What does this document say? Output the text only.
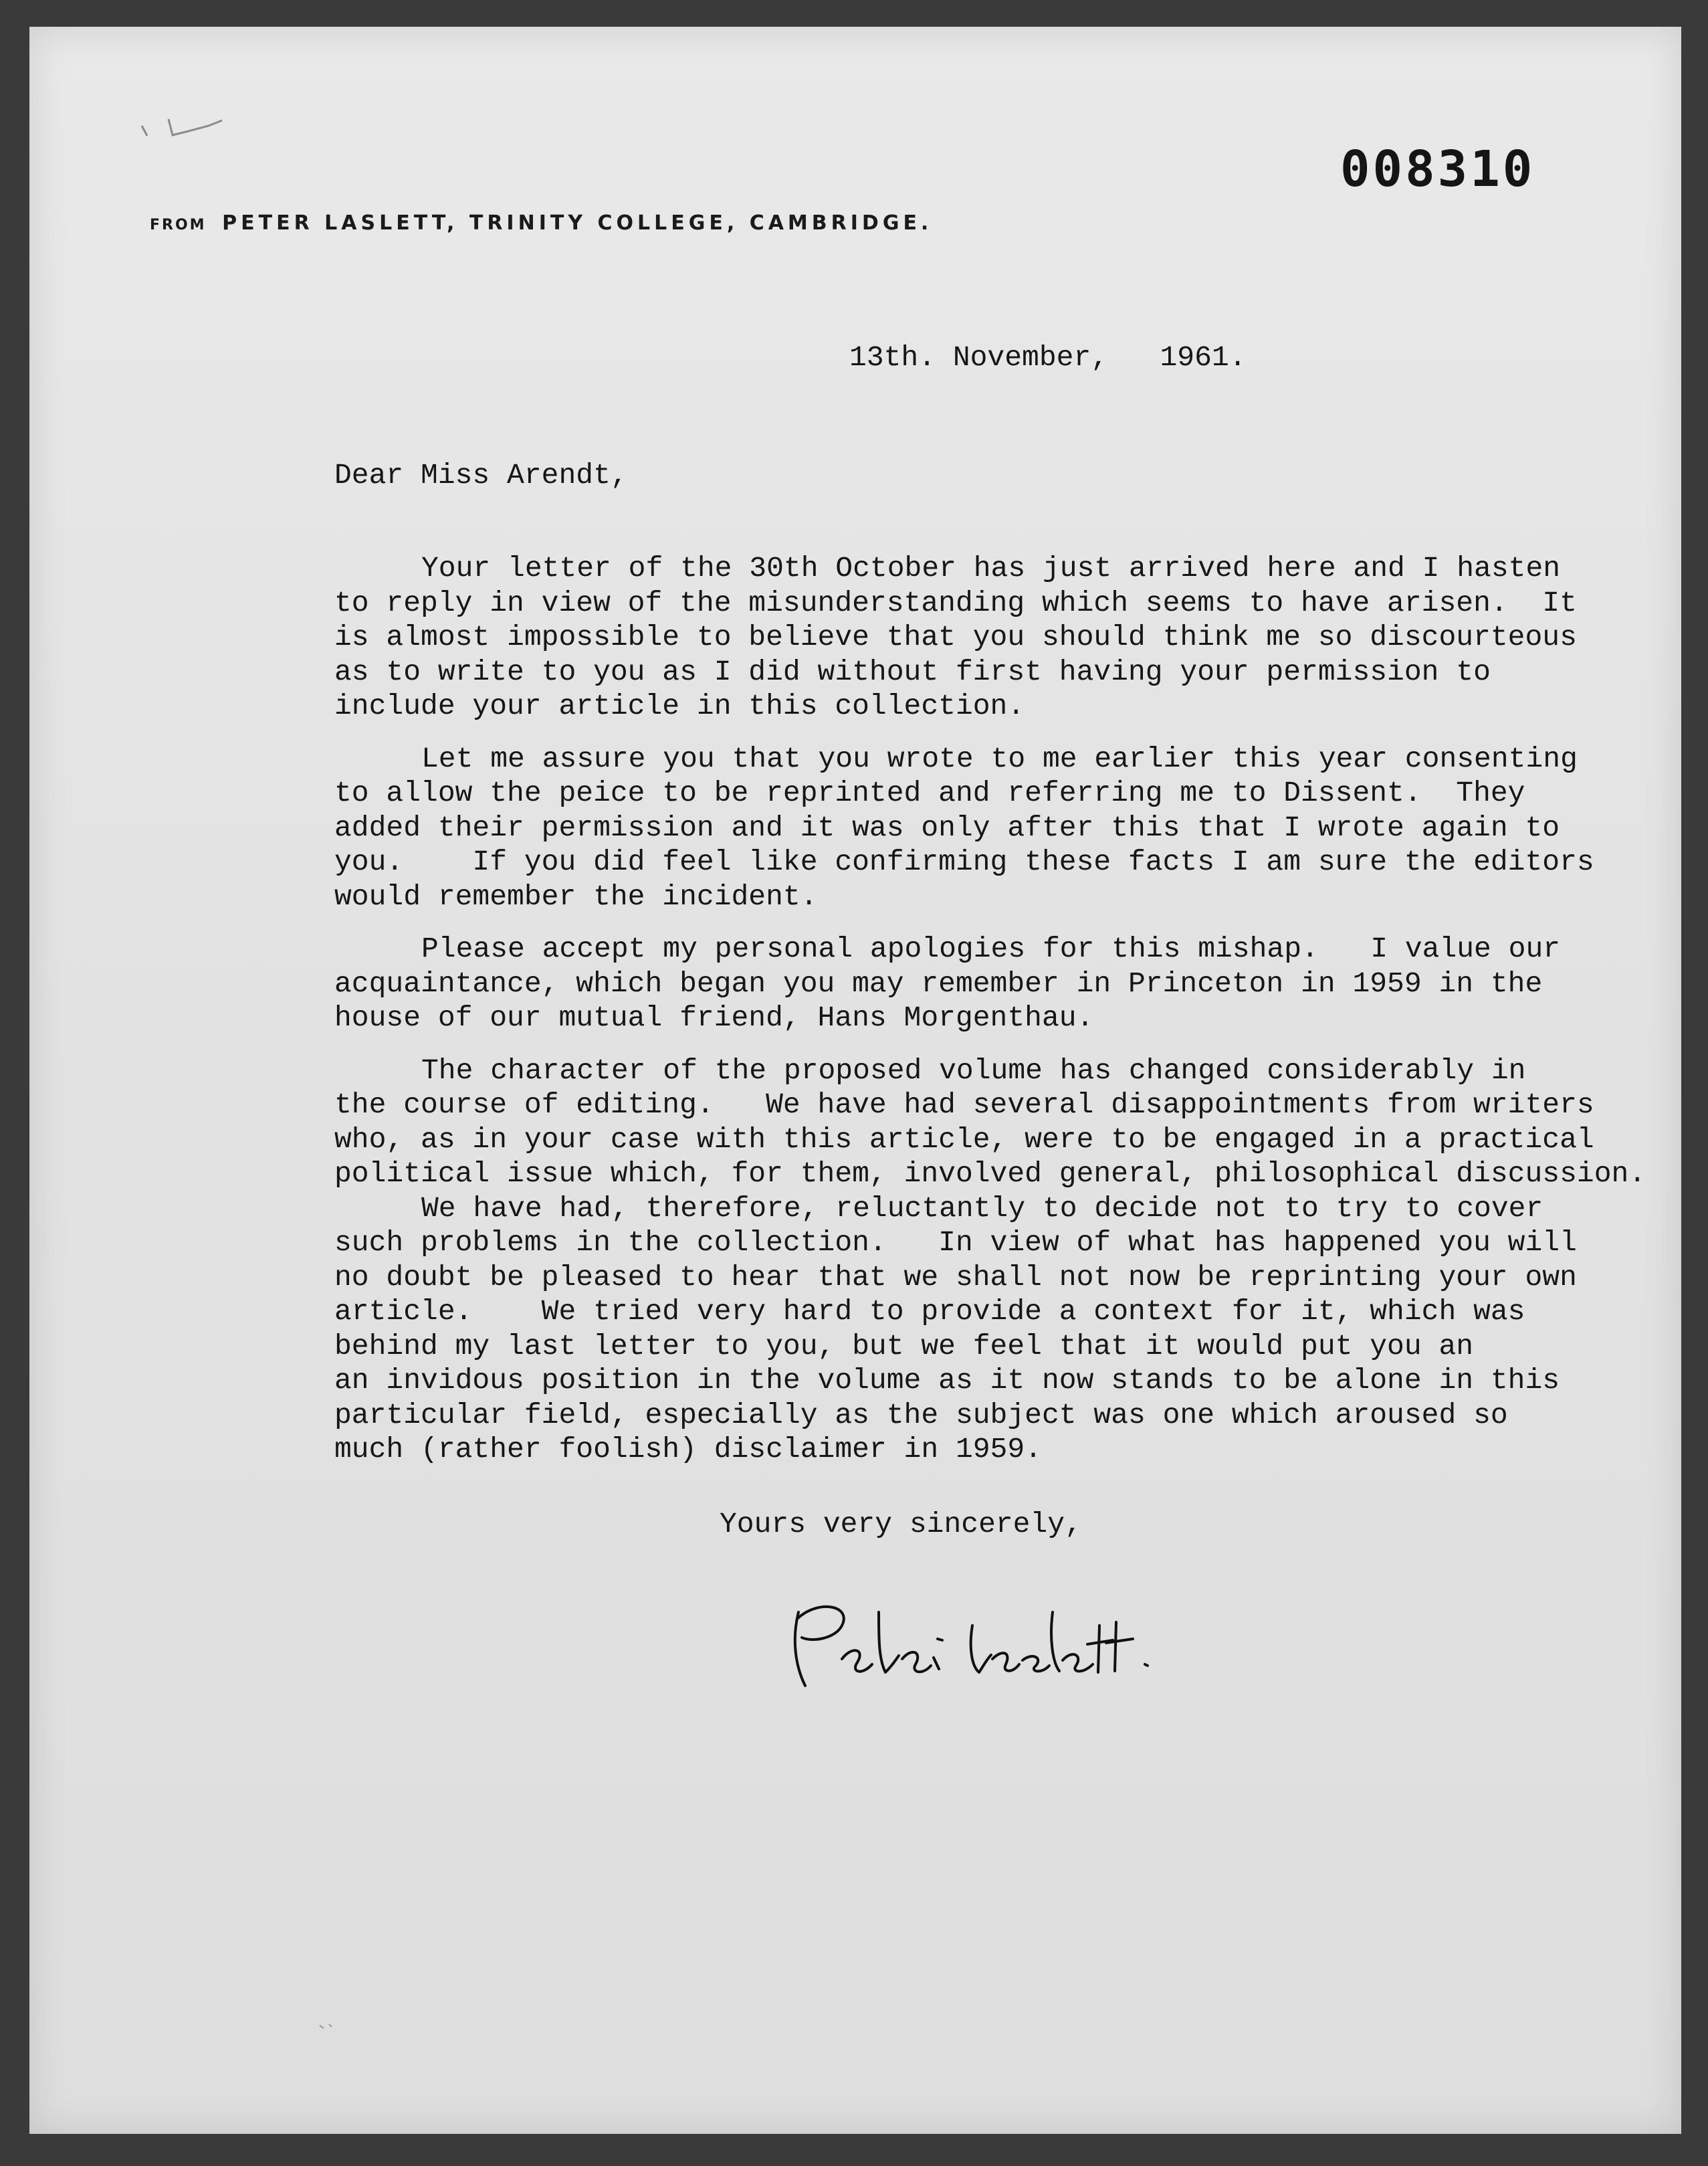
008310
FROM PETER LASLETT, TRINITY COLLEGE, CAMBRIDGE.
13th. November,   1961.
Dear Miss Arendt,
Your letter of the 30th October has just arrived here and I hasten
to reply in view of the misunderstanding which seems to have arisen.  It
is almost impossible to believe that you should think me so discourteous
as to write to you as I did without first having your permission to
include your article in this collection.
Let me assure you that you wrote to me earlier this year consenting
to allow the peice to be reprinted and referring me to Dissent.  They
added their permission and it was only after this that I wrote again to
you.    If you did feel like confirming these facts I am sure the editors
would remember the incident.
Please accept my personal apologies for this mishap.   I value our
acquaintance, which began you may remember in Princeton in 1959 in the
house of our mutual friend, Hans Morgenthau.
The character of the proposed volume has changed considerably in
the course of editing.   We have had several disappointments from writers
who, as in your case with this article, were to be engaged in a practical
political issue which, for them, involved general, philosophical discussion.
We have had, therefore, reluctantly to decide not to try to cover
such problems in the collection.   In view of what has happened you will
no doubt be pleased to hear that we shall not now be reprinting your own
article.    We tried very hard to provide a context for it, which was
behind my last letter to you, but we feel that it would put you an
an invidous position in the volume as it now stands to be alone in this
particular field, especially as the subject was one which aroused so
much (rather foolish) disclaimer in 1959.
Yours very sincerely,
